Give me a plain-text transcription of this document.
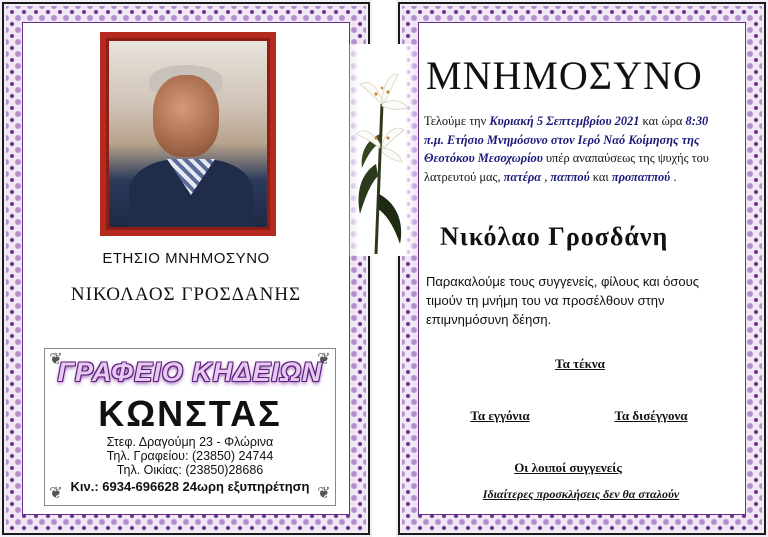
ΕΤΗΣΙΟ ΜΝΗΜΟΣΥΝΟ
ΝΙΚΟΛΑΟΣ ΓΡΟΣΔΑΝΗΣ
❦	❦
❦	❦
ΓΡΑΦΕΙΟ ΚΗΔΕΙΩΝ
ΚΩΝΣΤΑΣ
Στεφ. Δραγούμη 23 - Φλώρινα
Τηλ. Γραφείου: (23850) 24744
Τηλ. Οικίας: (23850)28686
Κιν.: 6934-696628 24ωρη εξυπηρέτηση
ΜΝΗΜΟΣΥΝΟ
Τελούμε την Κυριακή 5 Σεπτεμβρίου 2021 και ώρα 8:30 π.μ. Ετήσιο Μνημόσυνο στον Ιερό Ναό Κοίμησης της Θεοτόκου Μεσοχωρίου υπέρ αναπαύσεως της ψυχής του λατρευτού μας, πατέρα , παππού και προπαππού .
Νικόλαο Γροσδάνη
Παρακαλούμε τους συγγενείς, φίλους και όσους τιμούν τη μνήμη του να προσέλθουν στην επιμνημόσυνη δέηση.
Τα τέκνα
Τα εγγόνια	Τα δισέγγονα
Οι λοιποί συγγενείς
Ιδιαίτερες προσκλήσεις δεν θα σταλούν
